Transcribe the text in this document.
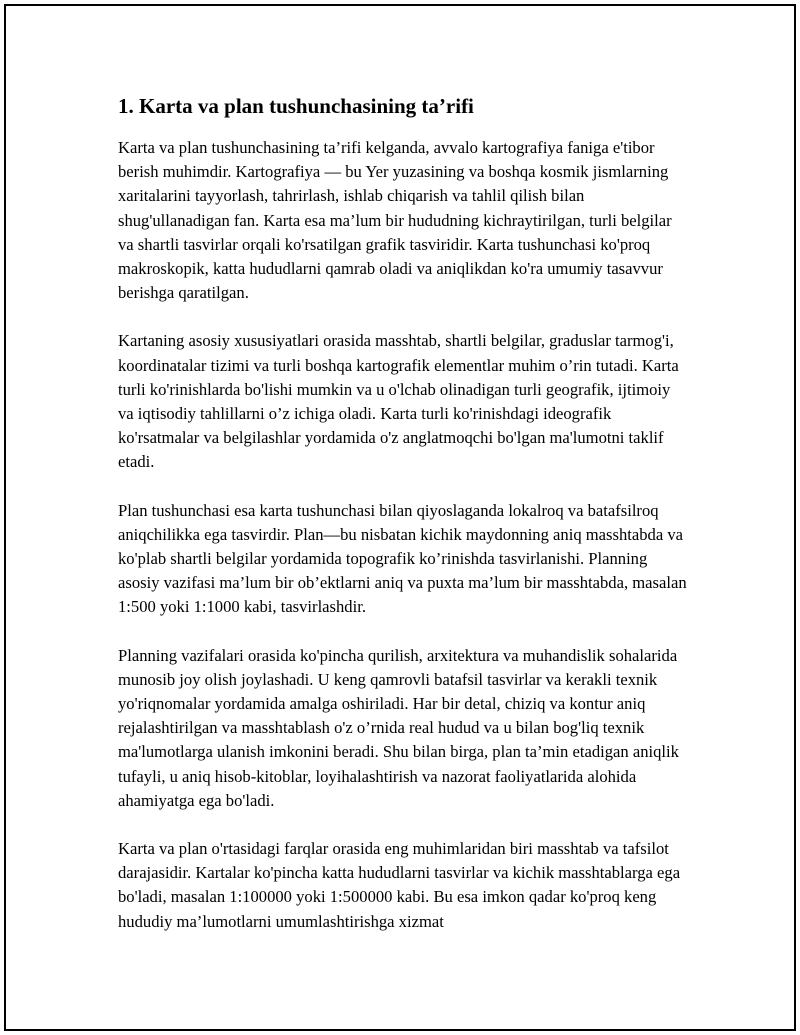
1. Karta va plan tushunchasining ta’rifi

Karta va plan tushunchasining ta’rifi kelganda, avvalo kartografiya faniga e'tibor berish muhimdir. Kartografiya — bu Yer yuzasining va boshqa kosmik jismlarning xaritalarini tayyorlash, tahrirlash, ishlab chiqarish va tahlil qilish bilan shug'ullanadigan fan. Karta esa ma’lum bir hududning kichraytirilgan, turli belgilar va shartli tasvirlar orqali ko'rsatilgan grafik tasviridir. Karta tushunchasi ko'proq makroskopik, katta hududlarni qamrab oladi va aniqlikdan ko'ra umumiy tasavvur berishga qaratilgan.

Kartaning asosiy xususiyatlari orasida masshtab, shartli belgilar, graduslar tarmog'i, koordinatalar tizimi va turli boshqa kartografik elementlar muhim o’rin tutadi. Karta turli ko'rinishlarda bo'lishi mumkin va u o'lchab olinadigan turli geografik, ijtimoiy va iqtisodiy tahlillarni o’z ichiga oladi. Karta turli ko'rinishdagi ideografik ko'rsatmalar va belgilashlar yordamida o'z anglatmoqchi bo'lgan ma'lumotni taklif etadi.

Plan tushunchasi esa karta tushunchasi bilan qiyoslaganda lokalroq va batafsilroq aniqchilikka ega tasvirdir. Plan—bu nisbatan kichik maydonning aniq masshtabda va ko'plab shartli belgilar yordamida topografik ko’rinishda tasvirlanishi. Planning asosiy vazifasi ma’lum bir ob’ektlarni aniq va puxta ma’lum bir masshtabda, masalan 1:500 yoki 1:1000 kabi, tasvirlashdir.

Planning vazifalari orasida ko'pincha qurilish, arxitektura va muhandislik sohalarida munosib joy olish joylashadi. U keng qamrovli batafsil tasvirlar va kerakli texnik yo'riqnomalar yordamida amalga oshiriladi. Har bir detal, chiziq va kontur aniq rejalashtirilgan va masshtablash o'z o’rnida real hudud va u bilan bog'liq texnik ma'lumotlarga ulanish imkonini beradi. Shu bilan birga, plan ta’min etadigan aniqlik tufayli, u aniq hisob-kitoblar, loyihalashtirish va nazorat faoliyatlarida alohida ahamiyatga ega bo'ladi.

Karta va plan o'rtasidagi farqlar orasida eng muhimlaridan biri masshtab va tafsilot darajasidir. Kartalar ko'pincha katta hududlarni tasvirlar va kichik masshtablarga ega bo'ladi, masalan 1:100000 yoki 1:500000 kabi. Bu esa imkon qadar ko'proq keng hududiy ma’lumotlarni umumlashtirishga xizmat
